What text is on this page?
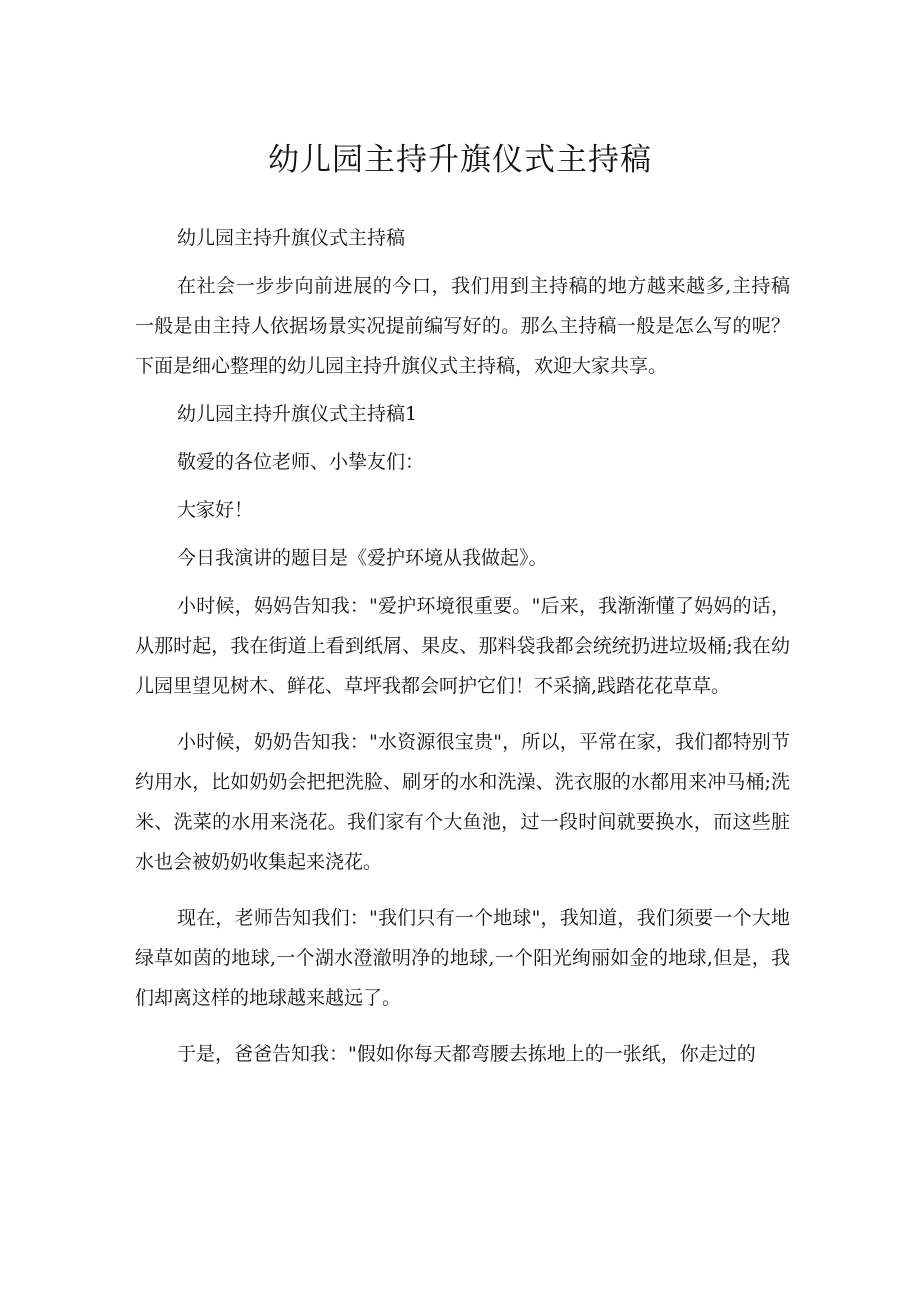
幼儿园主持升旗仪式主持稿

幼儿园主持升旗仪式主持稿

在社会一步步向前进展的今口，我们用到主持稿的地方越来越多,主持稿一般是由主持人依据场景实况提前编写好的。那么主持稿一般是怎么写的呢？下面是细心整理的幼儿园主持升旗仪式主持稿，欢迎大家共享。

幼儿园主持升旗仪式主持稿1

敬爱的各位老师、小挚友们：

大家好！

今日我演讲的题目是《爱护环境从我做起》。

小时候，妈妈告知我："爱护环境很重要。"后来，我渐渐懂了妈妈的话，从那时起，我在街道上看到纸屑、果皮、那料袋我都会统统扔进垃圾桶;我在幼儿园里望见树木、鲜花、草坪我都会呵护它们！不采摘,践踏花花草草。

小时候，奶奶告知我："水资源很宝贵"，所以，平常在家，我们都特别节约用水，比如奶奶会把把洗脸、刷牙的水和洗澡、洗衣服的水都用来冲马桶;洗米、洗菜的水用来浇花。我们家有个大鱼池，过一段时间就要换水，而这些脏水也会被奶奶收集起来浇花。

现在，老师告知我们："我们只有一个地球"，我知道，我们须要一个大地绿草如茵的地球,一个湖水澄澈明净的地球,一个阳光绚丽如金的地球,但是，我们却离这样的地球越来越远了。

于是，爸爸告知我："假如你每天都弯腰去拣地上的一张纸，你走过的
